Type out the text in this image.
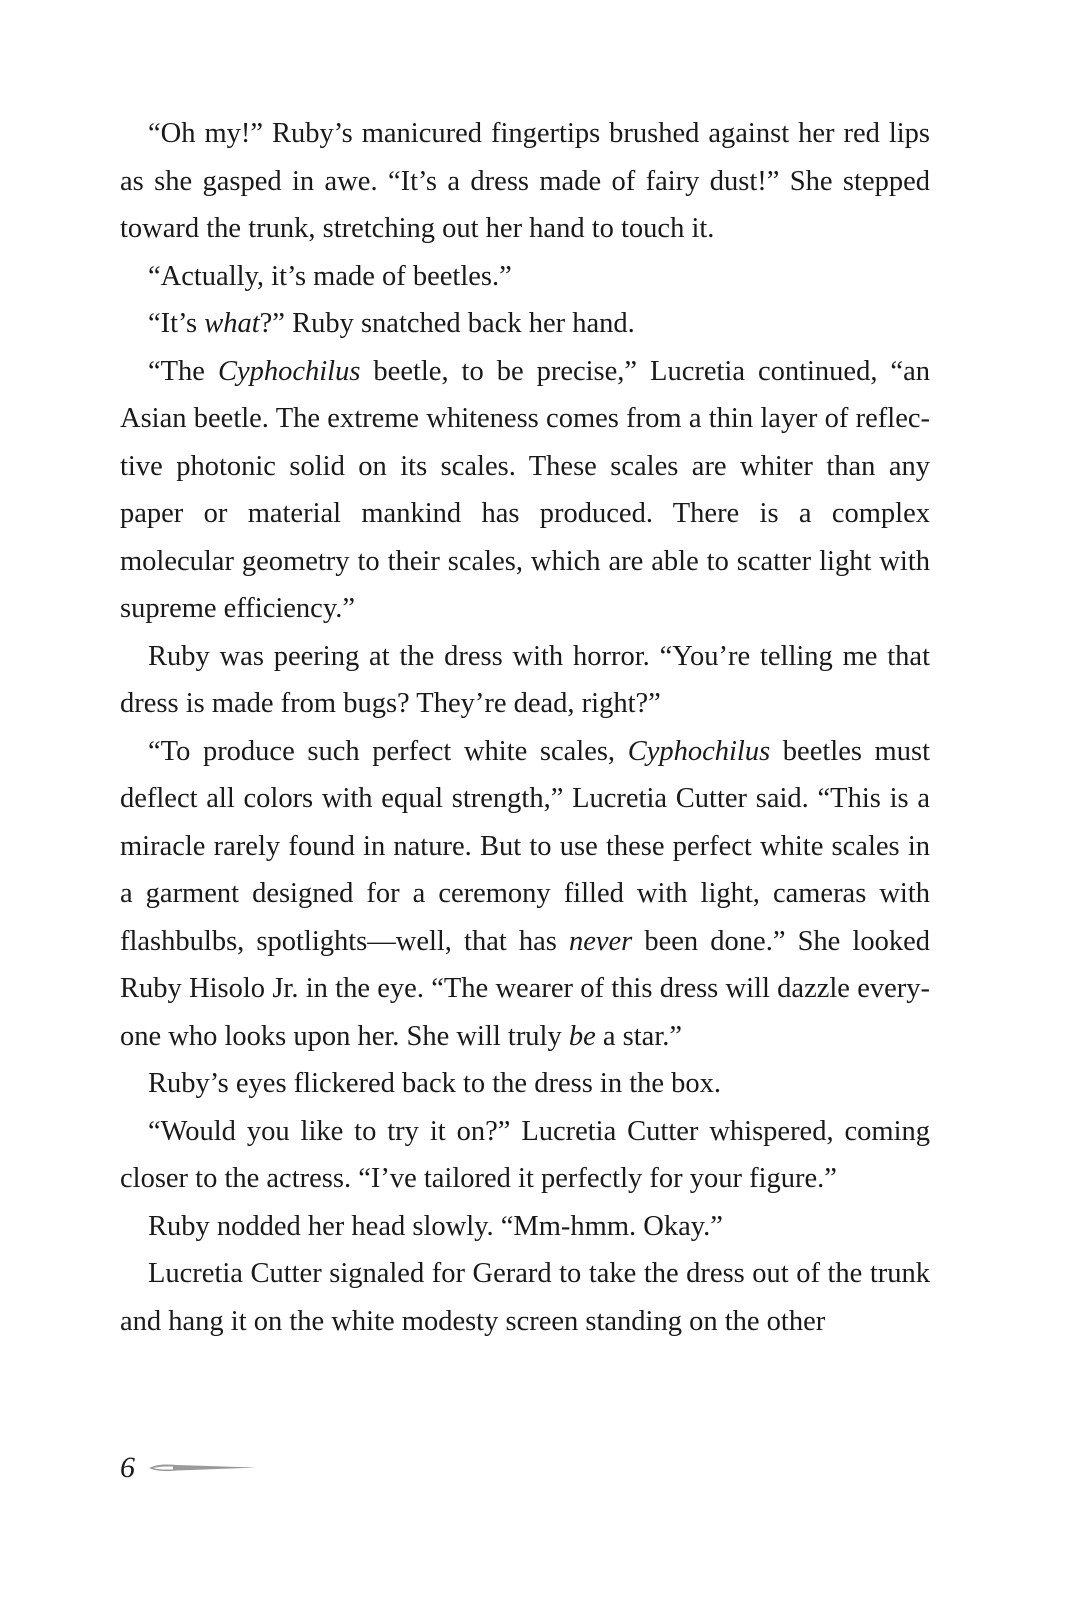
“Oh my!” Ruby’s manicured fingertips brushed against her red lips as she gasped in awe. “It’s a dress made of fairy dust!” She stepped toward the trunk, stretching out her hand to touch it.

“Actually, it’s made of beetles.”

“It’s what?” Ruby snatched back her hand.

“The Cyphochilus beetle, to be precise,” Lucretia continued, “an Asian beetle. The extreme whiteness comes from a thin layer of reflective photonic solid on its scales. These scales are whiter than any paper or material mankind has produced. There is a complex molecular geometry to their scales, which are able to scatter light with supreme efficiency.”

Ruby was peering at the dress with horror. “You’re telling me that dress is made from bugs? They’re dead, right?”

“To produce such perfect white scales, Cyphochilus beetles must deflect all colors with equal strength,” Lucretia Cutter said. “This is a miracle rarely found in nature. But to use these perfect white scales in a garment designed for a ceremony filled with light, cameras with flashbulbs, spotlights—well, that has never been done.” She looked Ruby Hisolo Jr. in the eye. “The wearer of this dress will dazzle everyone who looks upon her. She will truly be a star.”

Ruby’s eyes flickered back to the dress in the box.

“Would you like to try it on?” Lucretia Cutter whispered, coming closer to the actress. “I’ve tailored it perfectly for your figure.”

Ruby nodded her head slowly. “Mm-hmm. Okay.”

Lucretia Cutter signaled for Gerard to take the dress out of the trunk and hang it on the white modesty screen standing on the other

6
